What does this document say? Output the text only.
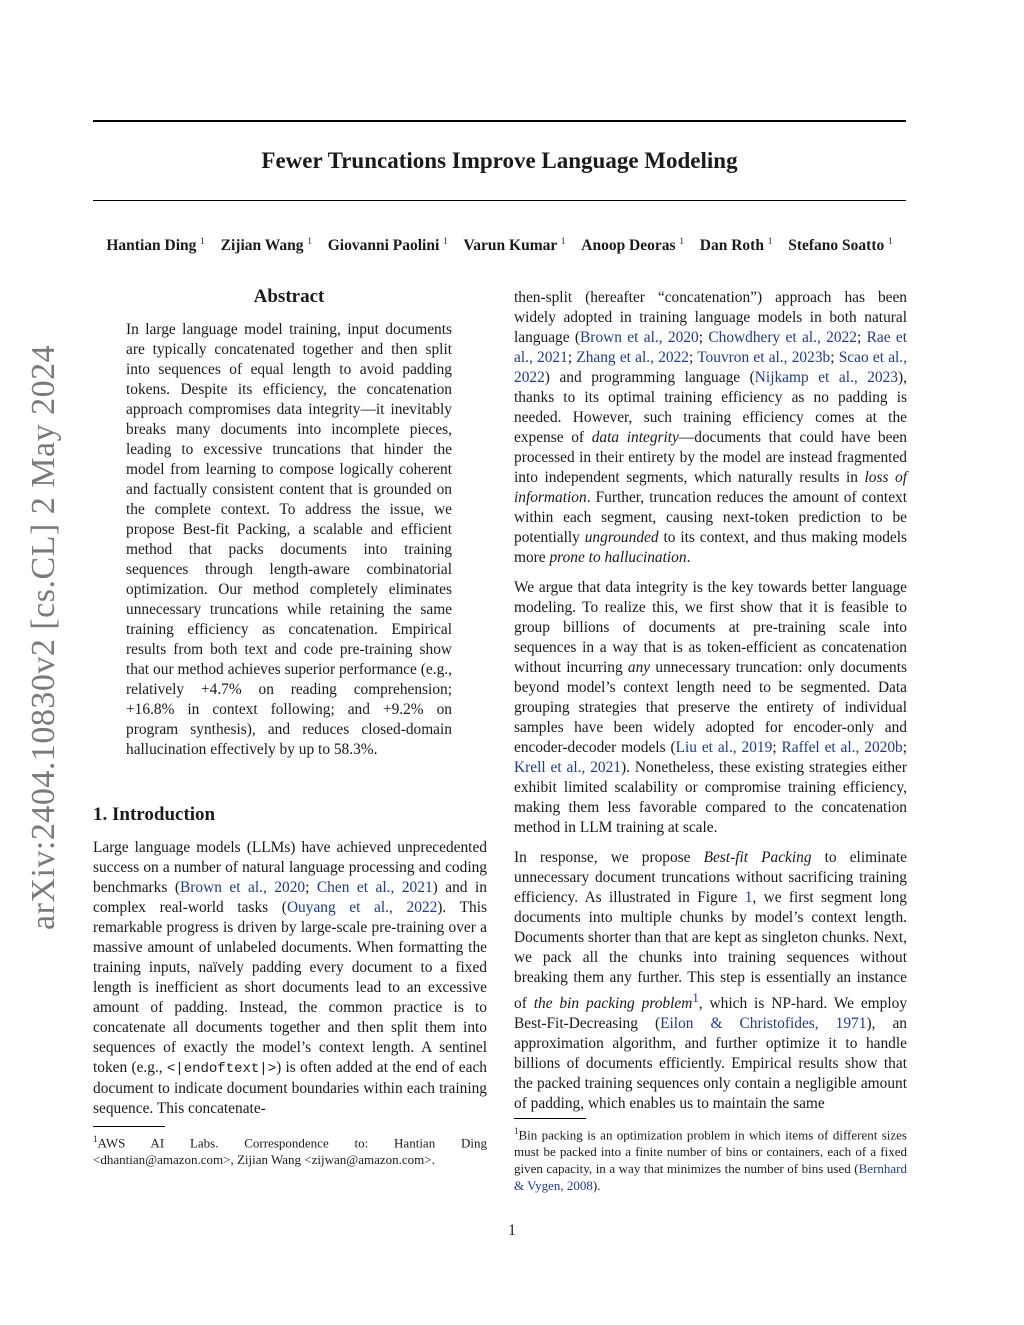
Fewer Truncations Improve Language Modeling
Hantian Ding $^1$ Zijian Wang $^1$ Giovanni Paolini $^1$ Varun Kumar $^1$ Anoop Deoras $^1$ Dan Roth $^1$ Stefano Soatto $^1$
arXiv:2404.10830v2 [cs.CL] 2 May 2024
Abstract
In large language model training, input documents are typically concatenated together and then split into sequences of equal length to avoid padding tokens. Despite its efficiency, the concatenation approach compromises data integrity—it inevitably breaks many documents into incomplete pieces, leading to excessive truncations that hinder the model from learning to compose logically coherent and factually consistent content that is grounded on the complete context. To address the issue, we propose Best-fit Packing, a scalable and efficient method that packs documents into training sequences through length-aware combinatorial optimization. Our method completely eliminates unnecessary truncations while retaining the same training efficiency as concatenation. Empirical results from both text and code pre-training show that our method achieves superior performance (e.g., relatively +4.7% on reading comprehension; +16.8% in context following; and +9.2% on program synthesis), and reduces closed-domain hallucination effectively by up to 58.3%.
1. Introduction
Large language models (LLMs) have achieved unprecedented success on a number of natural language processing and coding benchmarks (Brown et al., 2020; Chen et al., 2021) and in complex real-world tasks (Ouyang et al., 2022). This remarkable progress is driven by large-scale pre-training over a massive amount of unlabeled documents. When formatting the training inputs, naïvely padding every document to a fixed length is inefficient as short documents lead to an excessive amount of padding. Instead, the common practice is to concatenate all documents together and then split them into sequences of exactly the model’s context length. A sentinel token (e.g., <|endoftext|>) is often added at the end of each document to indicate document boundaries within each training sequence. This concatenate-

then-split (hereafter “concatenation”) approach has been widely adopted in training language models in both natural language (Brown et al., 2020; Chowdhery et al., 2022; Rae et al., 2021; Zhang et al., 2022; Touvron et al., 2023b; Scao et al., 2022) and programming language (Nijkamp et al., 2023), thanks to its optimal training efficiency as no padding is needed. However, such training efficiency comes at the expense of data integrity—documents that could have been processed in their entirety by the model are instead fragmented into independent segments, which naturally results in loss of information. Further, truncation reduces the amount of context within each segment, causing next-token prediction to be potentially ungrounded to its context, and thus making models more prone to hallucination.

We argue that data integrity is the key towards better language modeling. To realize this, we first show that it is feasible to group billions of documents at pre-training scale into sequences in a way that is as token-efficient as concatenation without incurring any unnecessary truncation: only documents beyond model’s context length need to be segmented. Data grouping strategies that preserve the entirety of individual samples have been widely adopted for encoder-only and encoder-decoder models (Liu et al., 2019; Raffel et al., 2020b; Krell et al., 2021). Nonetheless, these existing strategies either exhibit limited scalability or compromise training efficiency, making them less favorable compared to the concatenation method in LLM training at scale.

In response, we propose Best-fit Packing to eliminate unnecessary document truncations without sacrificing training efficiency. As illustrated in Figure 1, we first segment long documents into multiple chunks by model’s context length. Documents shorter than that are kept as singleton chunks. Next, we pack all the chunks into training sequences without breaking them any further. This step is essentially an instance of the bin packing problem$^1$, which is NP-hard. We employ Best-Fit-Decreasing (Eilon & Christofides, 1971), an approximation algorithm, and further optimize it to handle billions of documents efficiently. Empirical results show that the packed training sequences only contain a negligible amount of padding, which enables us to maintain the same

$^1$AWS AI Labs. Correspondence to: Hantian Ding <dhantian@amazon.com>, Zijian Wang <zijwan@amazon.com>.
$^1$Bin packing is an optimization problem in which items of different sizes must be packed into a finite number of bins or containers, each of a fixed given capacity, in a way that minimizes the number of bins used (Bernhard & Vygen, 2008).
1
